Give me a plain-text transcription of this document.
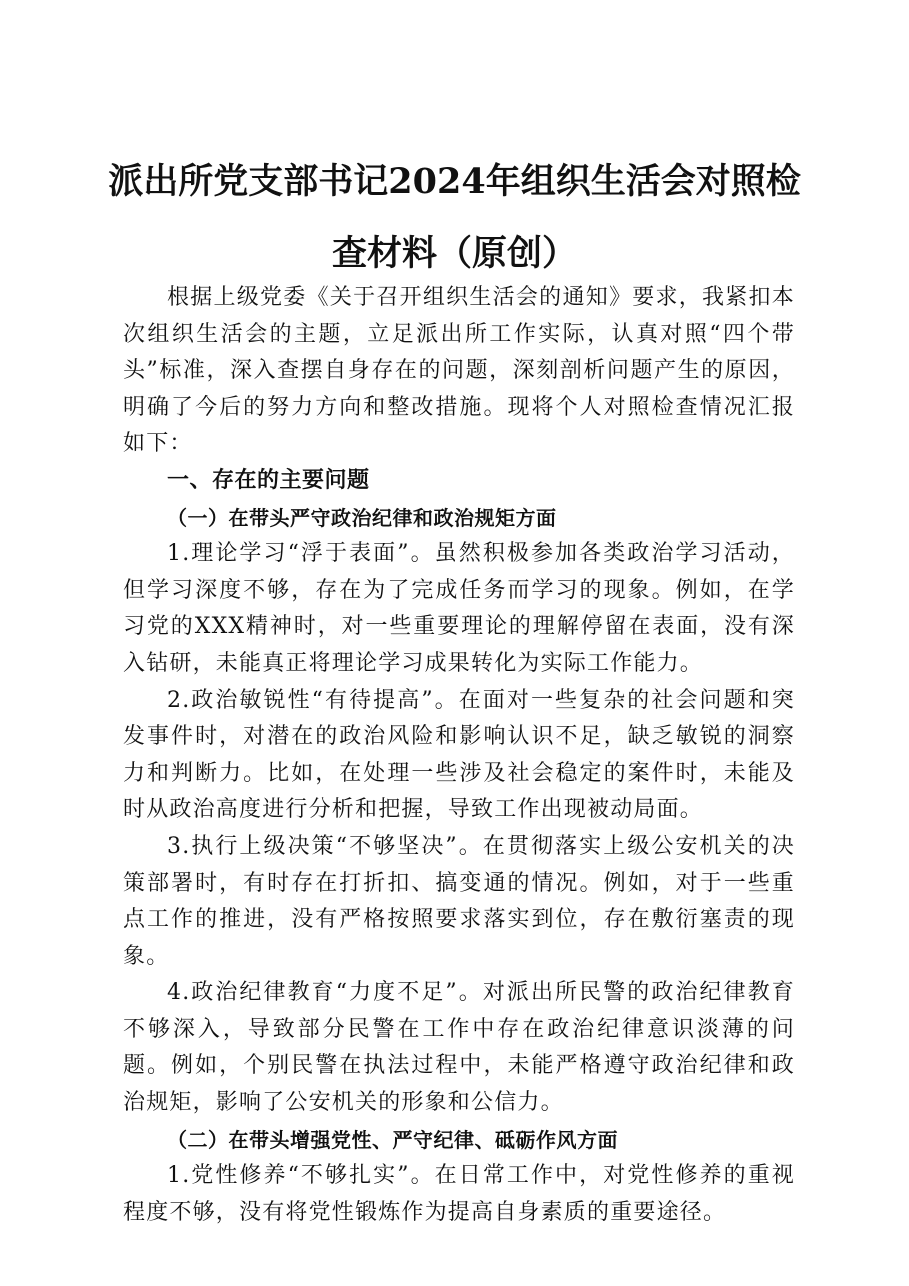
派出所党支部书记2024年组织生活会对照检查材料（原创）

根据上级党委《关于召开组织生活会的通知》要求，我紧扣本次组织生活会的主题，立足派出所工作实际，认真对照“四个带头”标准，深入查摆自身存在的问题，深刻剖析问题产生的原因，明确了今后的努力方向和整改措施。现将个人对照检查情况汇报如下：

一、存在的主要问题

（一）在带头严守政治纪律和政治规矩方面

1.理论学习“浮于表面”。虽然积极参加各类政治学习活动，但学习深度不够，存在为了完成任务而学习的现象。例如，在学习党的XXX精神时，对一些重要理论的理解停留在表面，没有深入钻研，未能真正将理论学习成果转化为实际工作能力。

2.政治敏锐性“有待提高”。在面对一些复杂的社会问题和突发事件时，对潜在的政治风险和影响认识不足，缺乏敏锐的洞察力和判断力。比如，在处理一些涉及社会稳定的案件时，未能及时从政治高度进行分析和把握，导致工作出现被动局面。

3.执行上级决策“不够坚决”。在贯彻落实上级公安机关的决策部署时，有时存在打折扣、搞变通的情况。例如，对于一些重点工作的推进，没有严格按照要求落实到位，存在敷衍塞责的现象。

4.政治纪律教育“力度不足”。对派出所民警的政治纪律教育不够深入，导致部分民警在工作中存在政治纪律意识淡薄的问题。例如，个别民警在执法过程中，未能严格遵守政治纪律和政治规矩，影响了公安机关的形象和公信力。

（二）在带头增强党性、严守纪律、砥砺作风方面

1.党性修养“不够扎实”。在日常工作中，对党性修养的重视程度不够，没有将党性锻炼作为提高自身素质的重要途径。
